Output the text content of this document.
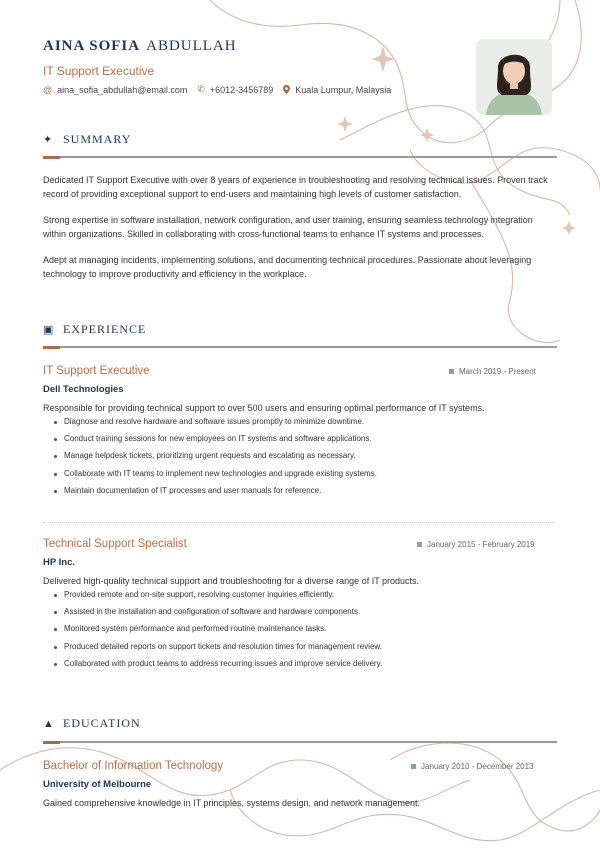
AINA SOFIA ABDULLAH
IT Support Executive
@ aina_sofia_abdullah@email.com ✆ +6012-3456789 Kuala Lumpur, Malaysia
✦ SUMMARY
Dedicated IT Support Executive with over 8 years of experience in troubleshooting and resolving technical issues. Proven track record of providing exceptional support to end-users and maintaining high levels of customer satisfaction.
Strong expertise in software installation, network configuration, and user training, ensuring seamless technology integration within organizations. Skilled in collaborating with cross-functional teams to enhance IT systems and processes.
Adept at managing incidents, implementing solutions, and documenting technical procedures. Passionate about leveraging technology to improve productivity and efficiency in the workplace.
▣ EXPERIENCE
IT Support Executive	March 2019 - Present
Dell Technologies
Responsible for providing technical support to over 500 users and ensuring optimal performance of IT systems.
Diagnose and resolve hardware and software issues promptly to minimize downtime.
Conduct training sessions for new employees on IT systems and software applications.
Manage helpdesk tickets, prioritizing urgent requests and escalating as necessary.
Collaborate with IT teams to implement new technologies and upgrade existing systems.
Maintain documentation of IT processes and user manuals for reference.
Technical Support Specialist	January 2015 - February 2019
HP Inc.
Delivered high-quality technical support and troubleshooting for a diverse range of IT products.
Provided remote and on-site support, resolving customer inquiries efficiently.
Assisted in the installation and configuration of software and hardware components.
Monitored system performance and performed routine maintenance tasks.
Produced detailed reports on support tickets and resolution times for management review.
Collaborated with product teams to address recurring issues and improve service delivery.
▲ EDUCATION
Bachelor of Information Technology	January 2010 - December 2013
University of Melbourne
Gained comprehensive knowledge in IT principles, systems design, and network management.
